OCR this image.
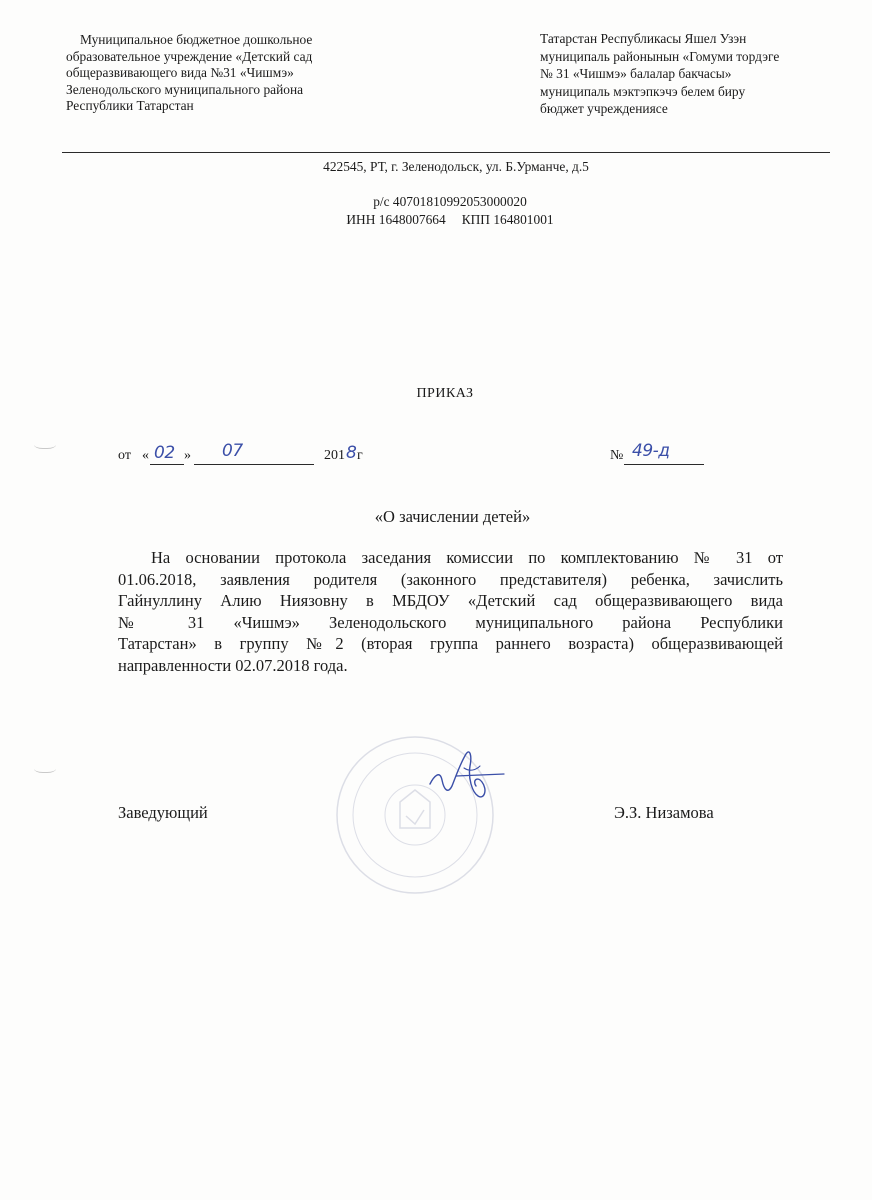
Муниципальное бюджетное дошкольное
образовательное учреждение «Детский сад
общеразвивающего вида №31 «Чишмэ»
Зеленодольского муниципального района
Республики Татарстан
Татарстан Республикасы Яшел Узэн
муниципаль районынын «Гомуми тордэге
№ 31 «Чишмэ» балалар бакчасы»
муниципаль мэктэпкэчэ белем биру
бюджет учреждениясе
422545, РТ, г. Зеленодольск, ул. Б.Урманче, д.5
р/с 40701810992053000020
ИНН 1648007664 КПП 164801001
ПРИКАЗ
от « 02 » 07	201 8 г	№ 49-д
«О зачислении детей»
На основании протокола заседания комиссии по комплектованию № 31 от
01.06.2018, заявления родителя (законного представителя) ребенка, зачислить
Гайнуллину Алию Ниязовну в МБДОУ «Детский сад общеразвивающего вида
№ 31 «Чишмэ» Зеленодольского муниципального района Республики
Татарстан» в группу №2 (вторая группа раннего возраста) общеразвивающей
направленности 02.07.2018 года.
Заведующий	Э.З. Низамова
